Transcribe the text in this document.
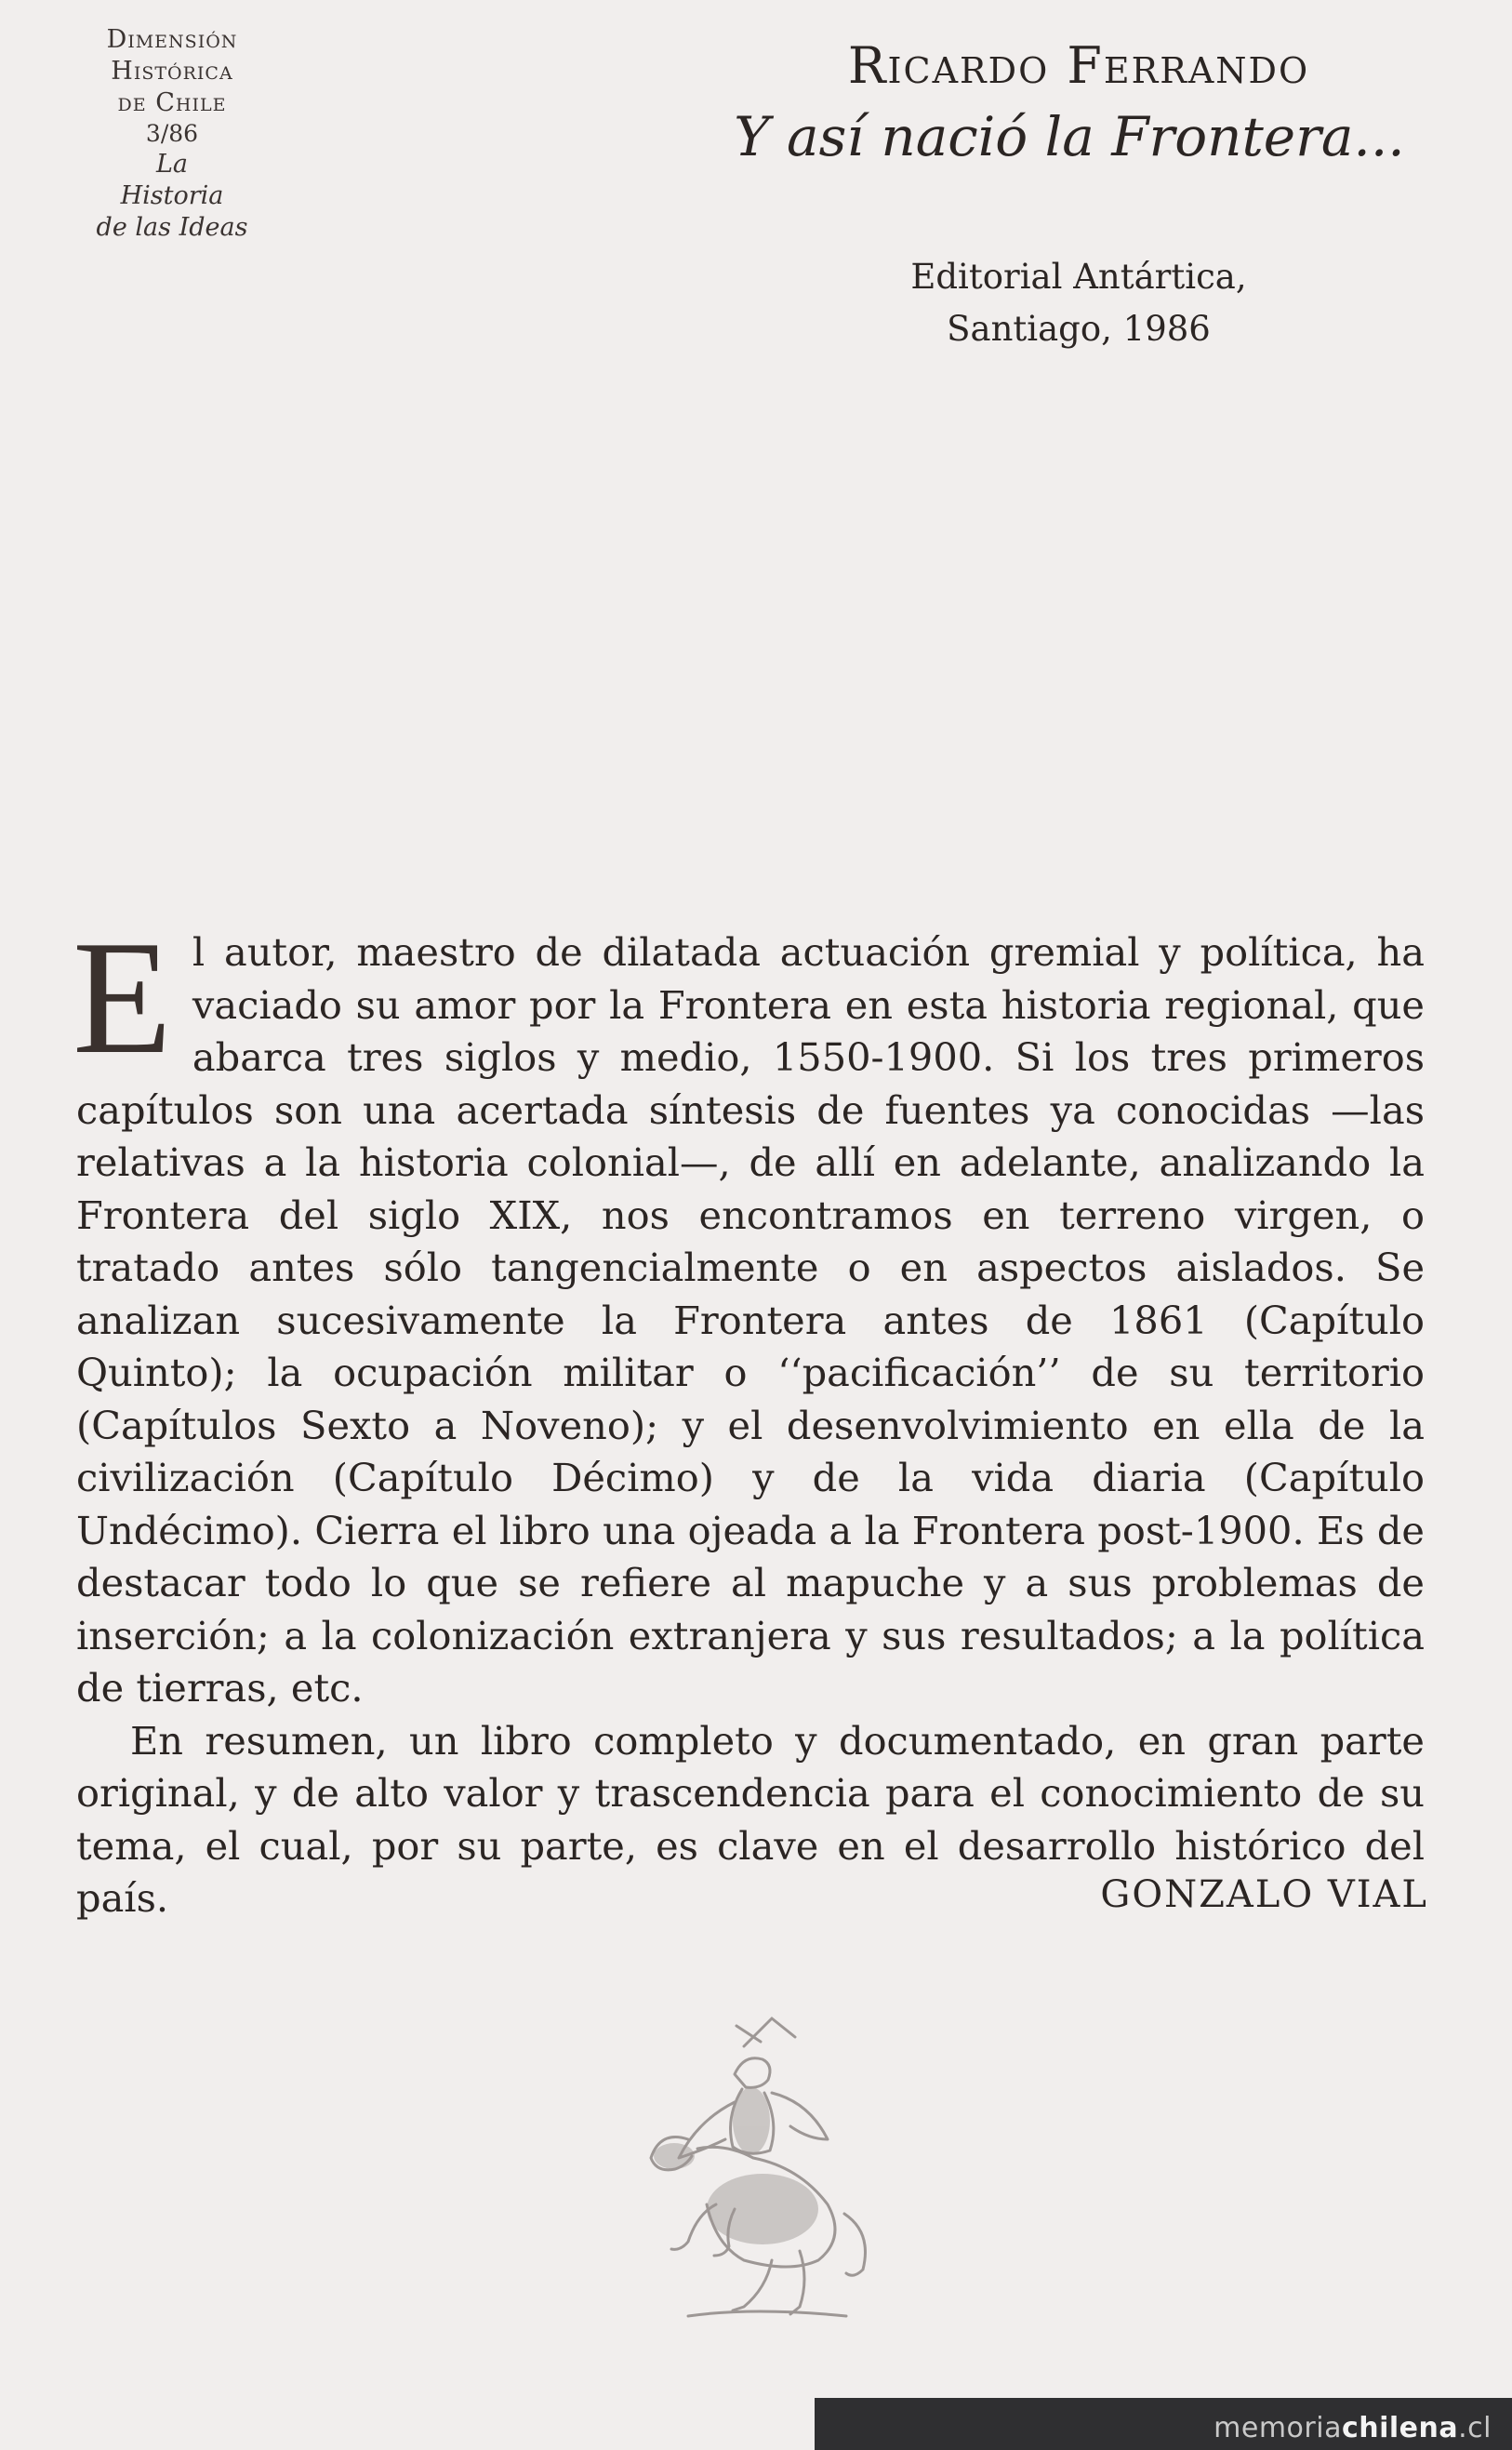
Dimensión
Histórica
de Chile
3/86
La
Historia
de las Ideas
Ricardo Ferrando
Y así nació la Frontera...
Editorial Antártica,
Santiago, 1986

El autor, maestro de dilatada actuación gremial y política, ha vaciado su amor por la Frontera en esta historia regional, que abarca tres siglos y medio, 1550-1900. Si los tres primeros capítulos son una acertada síntesis de fuentes ya conocidas —las relativas a la historia colonial—, de allí en adelante, analizando la Frontera del siglo XIX, nos encontramos en terreno virgen, o tratado antes sólo tangencialmente o en aspectos aislados. Se analizan sucesivamente la Frontera antes de 1861 (Capítulo Quinto); la ocupación militar o ‘‘pacificación’’ de su territorio (Capítulos Sexto a Noveno); y el desenvolvimiento en ella de la civilización (Capítulo Décimo) y de la vida diaria (Capítulo Undécimo). Cierra el libro una ojeada a la Frontera post-1900. Es de destacar todo lo que se refiere al mapuche y a sus problemas de inserción; a la colonización extranjera y sus resultados; a la política de tierras, etc.

En resumen, un libro completo y documentado, en gran parte original, y de alto valor y trascendencia para el conocimiento de su tema, el cual, por su parte, es clave en el desarrollo histórico del país.	GONZALO VIAL
memoriachilena.cl
